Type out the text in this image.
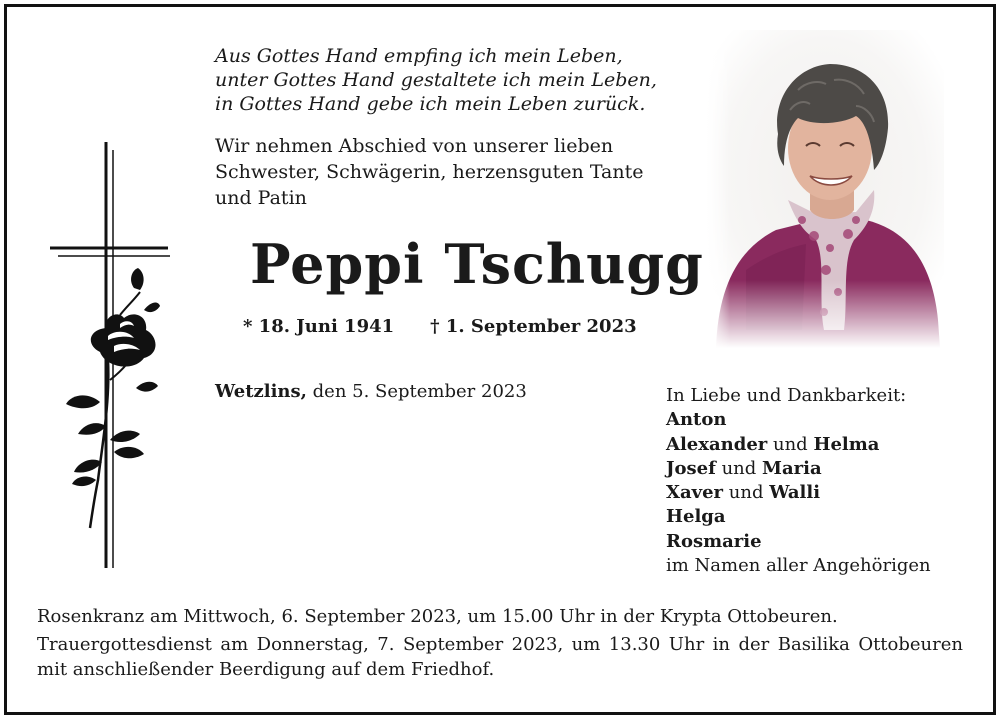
Aus Gottes Hand empfing ich mein Leben,
unter Gottes Hand gestaltete ich mein Leben,
in Gottes Hand gebe ich mein Leben zurück.
Wir nehmen Abschied von unserer lieben
Schwester, Schwägerin, herzensguten Tante
und Patin
Peppi Tschugg
* 18. Juni 1941 † 1. September 2023
Wetzlins, den 5. September 2023	In Liebe und Dankbarkeit:
Anton
Alexander und Helma
Josef und Maria
Xaver und Walli
Helga
Rosmarie
im Namen aller Angehörigen

Rosenkranz am Mittwoch, 6. September 2023, um 15.00 Uhr in der Krypta Ottobeuren.

Trauergottesdienst am Donnerstag, 7. September 2023, um 13.30 Uhr in der Basilika Ottobeuren mit anschließender Beerdigung auf dem Friedhof.
